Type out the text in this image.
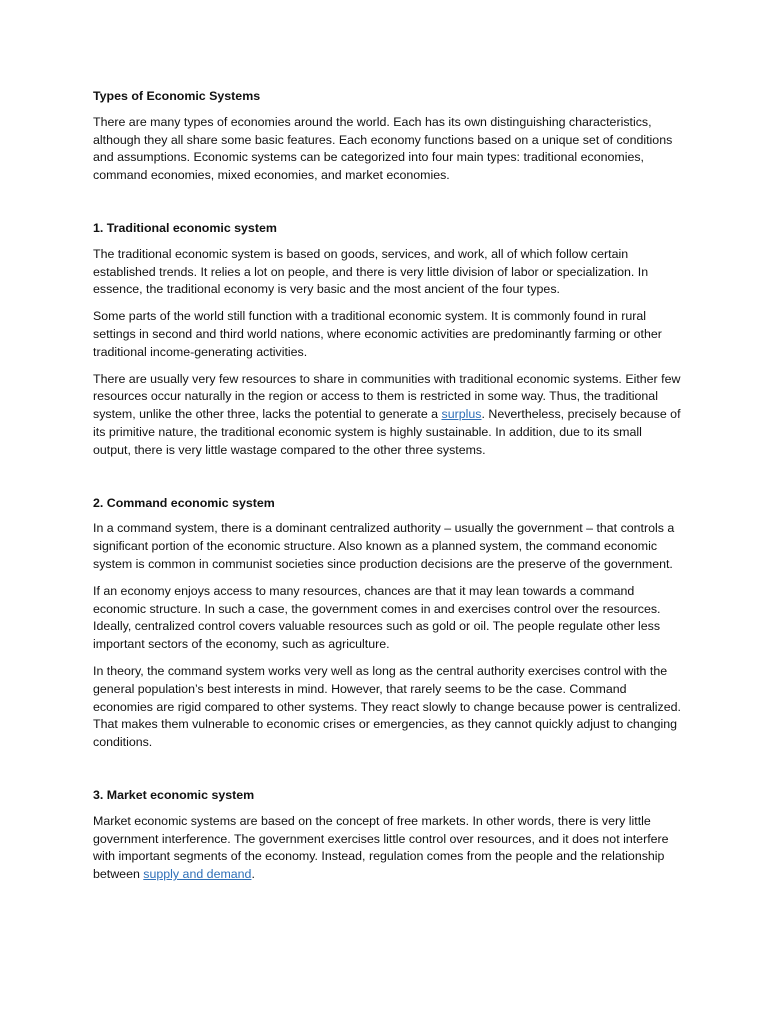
Types of Economic Systems

There are many types of economies around the world. Each has its own distinguishing characteristics, although they all share some basic features. Each economy functions based on a unique set of conditions and assumptions. Economic systems can be categorized into four main types: traditional economies, command economies, mixed economies, and market economies.

1. Traditional economic system

The traditional economic system is based on goods, services, and work, all of which follow certain established trends. It relies a lot on people, and there is very little division of labor or specialization. In essence, the traditional economy is very basic and the most ancient of the four types.

Some parts of the world still function with a traditional economic system. It is commonly found in rural settings in second and third world nations, where economic activities are predominantly farming or other traditional income-generating activities.

There are usually very few resources to share in communities with traditional economic systems. Either few resources occur naturally in the region or access to them is restricted in some way. Thus, the traditional system, unlike the other three, lacks the potential to generate a surplus. Nevertheless, precisely because of its primitive nature, the traditional economic system is highly sustainable. In addition, due to its small output, there is very little wastage compared to the other three systems.

2. Command economic system

In a command system, there is a dominant centralized authority – usually the government – that controls a significant portion of the economic structure. Also known as a planned system, the command economic system is common in communist societies since production decisions are the preserve of the government.

If an economy enjoys access to many resources, chances are that it may lean towards a command economic structure. In such a case, the government comes in and exercises control over the resources. Ideally, centralized control covers valuable resources such as gold or oil. The people regulate other less important sectors of the economy, such as agriculture.

In theory, the command system works very well as long as the central authority exercises control with the general population’s best interests in mind. However, that rarely seems to be the case. Command economies are rigid compared to other systems. They react slowly to change because power is centralized. That makes them vulnerable to economic crises or emergencies, as they cannot quickly adjust to changing conditions.

3. Market economic system

Market economic systems are based on the concept of free markets. In other words, there is very little government interference. The government exercises little control over resources, and it does not interfere with important segments of the economy. Instead, regulation comes from the people and the relationship between supply and demand.
